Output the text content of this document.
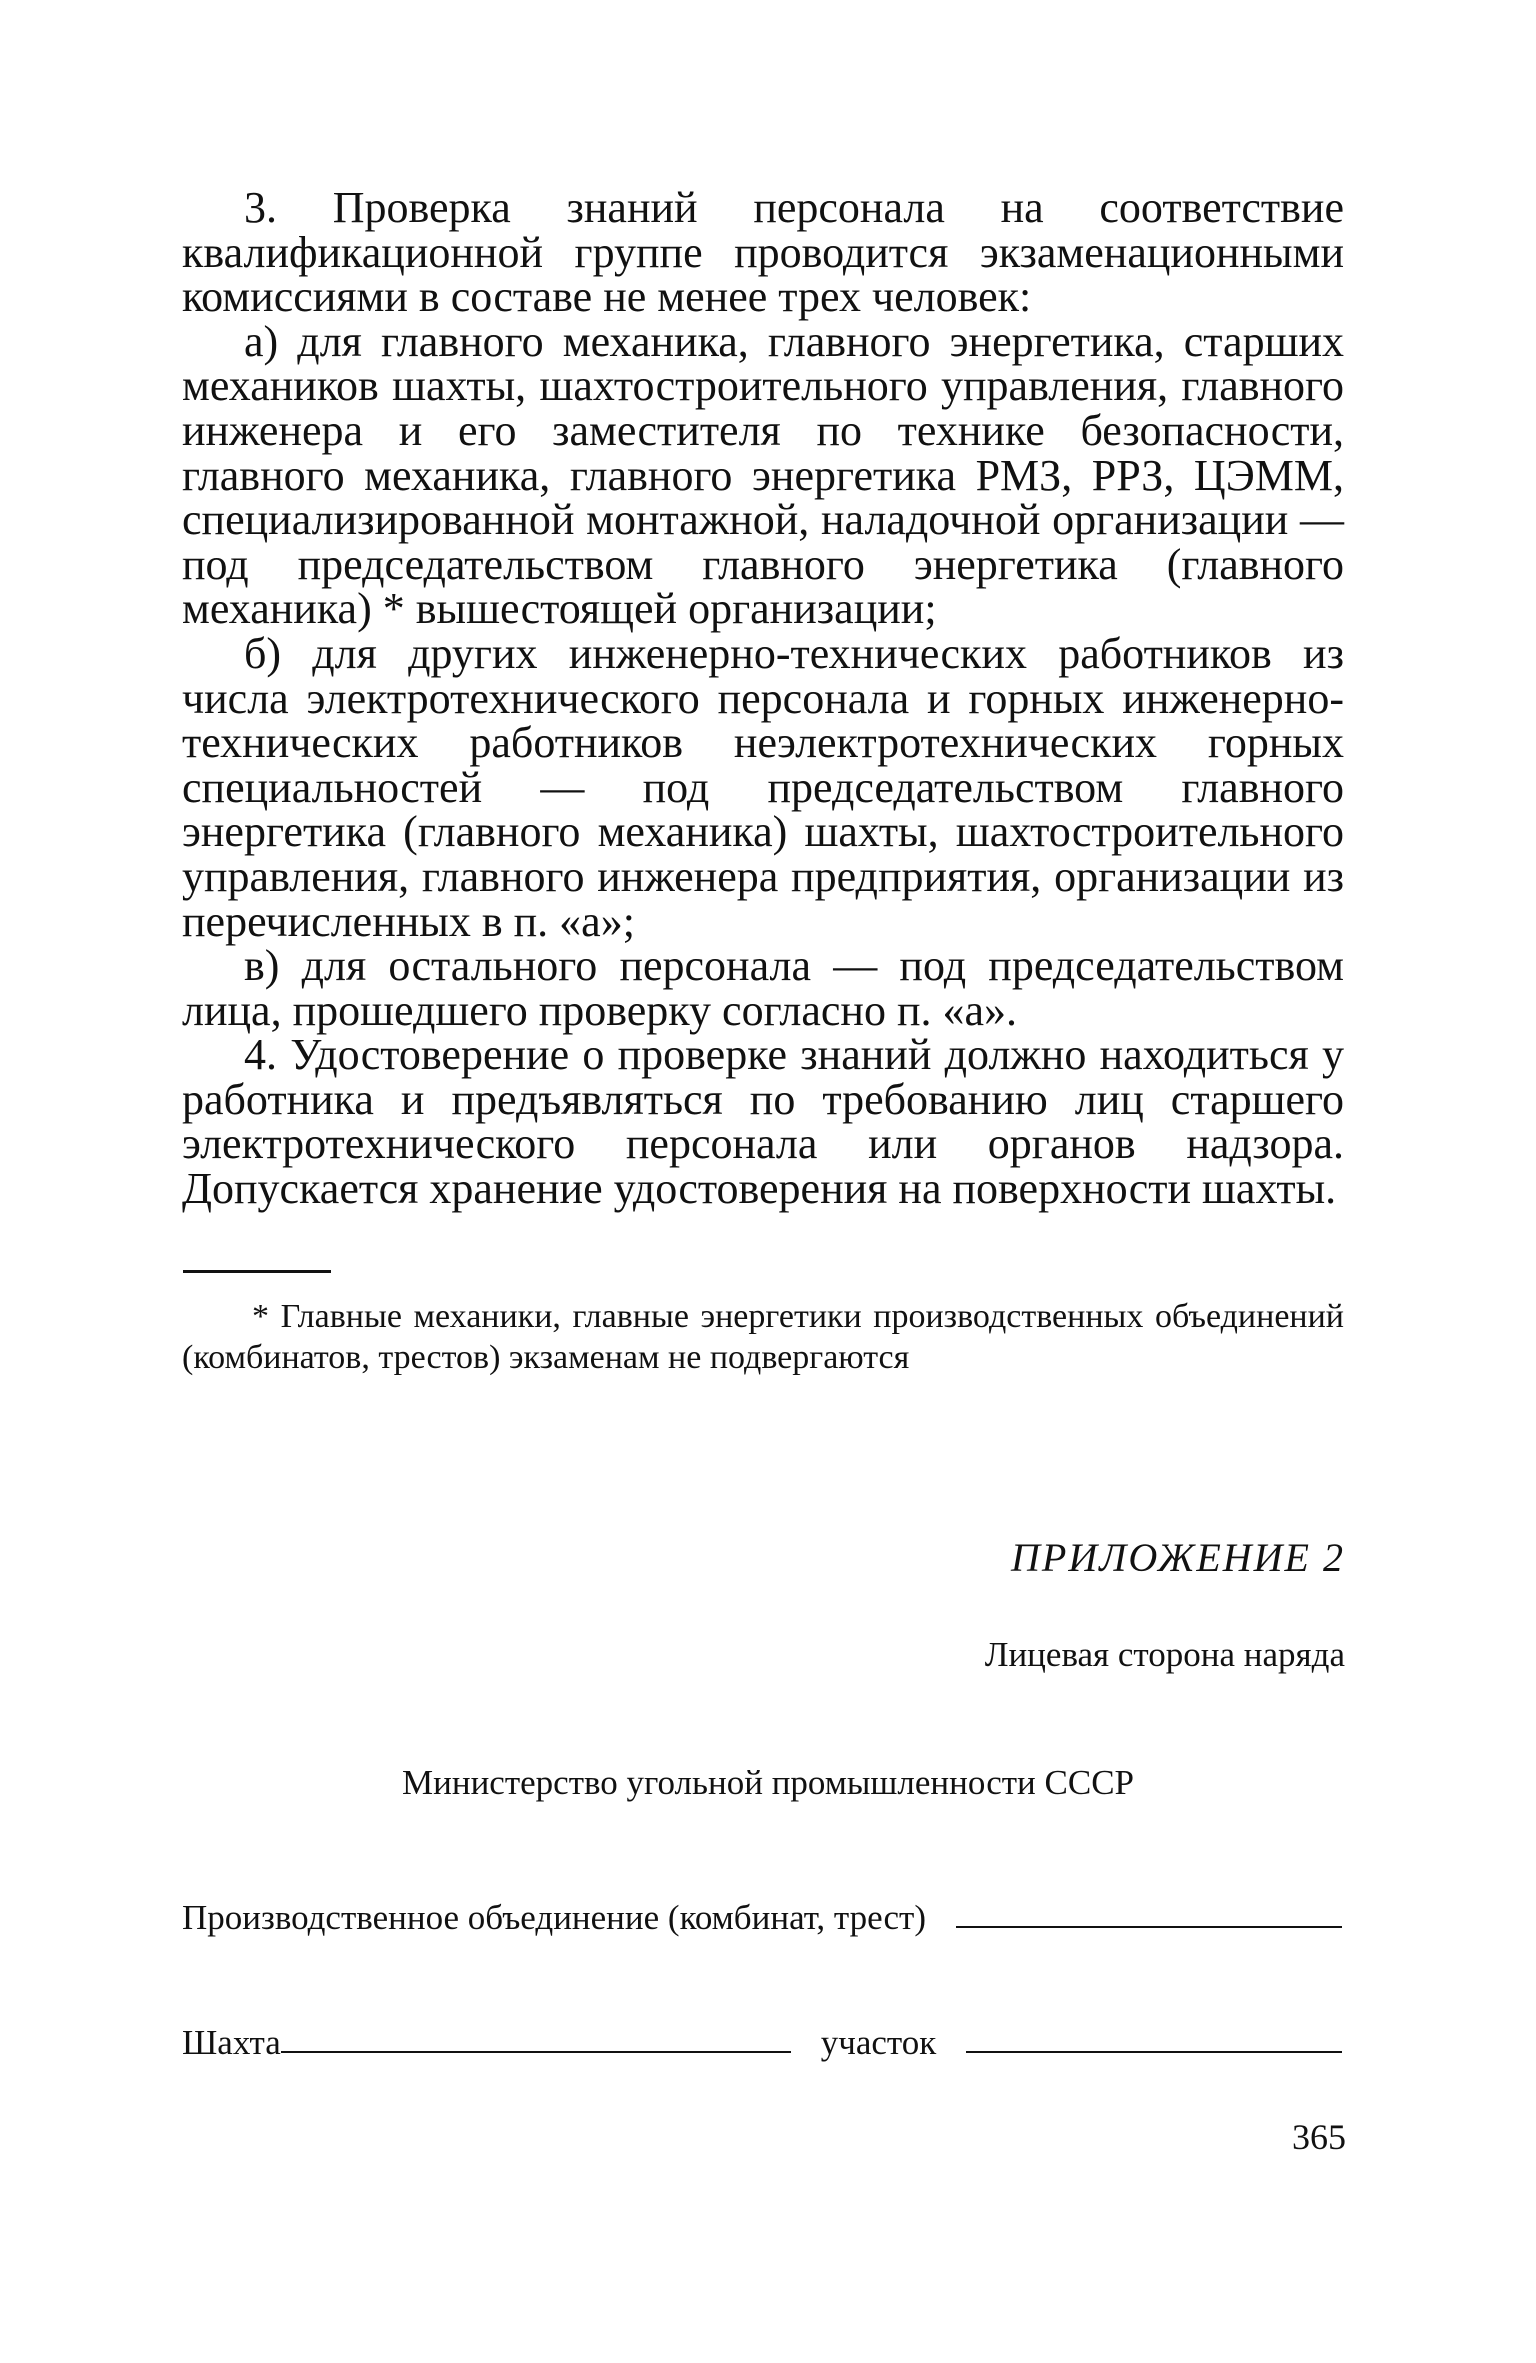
3. Проверка знаний персонала на соответствие квалификационной группе проводится экзаменационными комиссиями в составе не менее трех человек:

а) для главного механика, главного энергетика, старших механиков шахты, шахтостроительного управления, главного инженера и его заместителя по технике безопасности, главного механика, главного энергетика РМЗ, РРЗ, ЦЭММ, специализированной монтажной, наладочной организации — под председательством главного энергетика (главного механика) * вышестоящей организации;

б) для других инженерно-технических работников из числа электротехнического персонала и горных инженерно-технических работников неэлектротехнических горных специальностей — под председательством главного энергетика (главного механика) шахты, шахтостроительного управления, главного инженера предприятия, организации из перечисленных в п. «а»;

в) для остального персонала — под председательством лица, прошедшего проверку согласно п. «а».

4. Удостоверение о проверке знаний должно находиться у работника и предъявляться по требованию лиц старшего электротехнического персонала или органов надзора. Допускается хранение удостоверения на поверхности шахты.

* Главные механики, главные энергетики производственных объединений (комбинатов, трестов) экзаменам не подвергаются
ПРИЛОЖЕНИЕ 2
Лицевая сторона наряда
Министерство угольной промышленности СССР
Производственное объединение (комбинат, трест)
Шахта	участок
365
